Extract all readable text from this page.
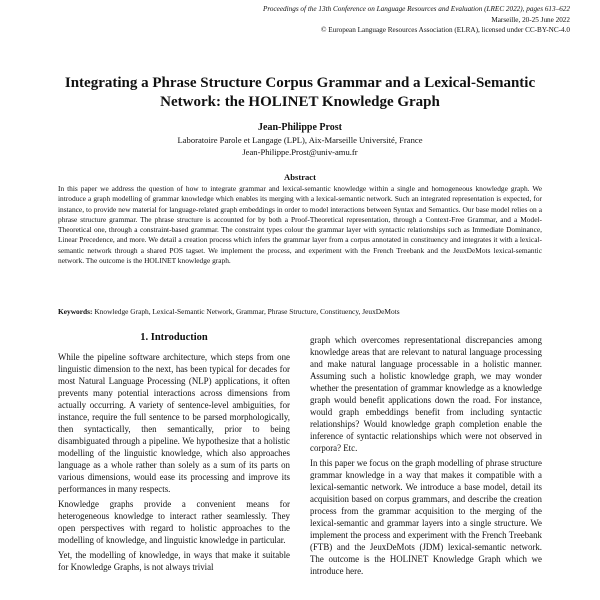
Proceedings of the 13th Conference on Language Resources and Evaluation (LREC 2022), pages 613–622
Marseille, 20-25 June 2022
© European Language Resources Association (ELRA), licensed under CC-BY-NC-4.0
Integrating a Phrase Structure Corpus Grammar and a Lexical-Semantic
Network: the HOLINET Knowledge Graph
Jean-Philippe Prost
Laboratoire Parole et Langage (LPL), Aix-Marseille Université, France
Jean-Philippe.Prost@univ-amu.fr
Abstract
In this paper we address the question of how to integrate grammar and lexical-semantic knowledge within a single and homogeneous knowledge graph. We introduce a graph modelling of grammar knowledge which enables its merging with a lexical-semantic network. Such an integrated representation is expected, for instance, to provide new material for language-related graph embeddings in order to model interactions between Syntax and Semantics. Our base model relies on a phrase structure grammar. The phrase structure is accounted for by both a Proof-Theoretical representation, through a Context-Free Grammar, and a Model-Theoretical one, through a constraint-based grammar. The constraint types colour the grammar layer with syntactic relationships such as Immediate Dominance, Linear Precedence, and more. We detail a creation process which infers the grammar layer from a corpus annotated in constituency and integrates it with a lexical-semantic network through a shared POS tagset. We implement the process, and experiment with the French Treebank and the JeuxDeMots lexical-semantic network. The outcome is the HOLINET knowledge graph.
Keywords: Knowledge Graph, Lexical-Semantic Network, Grammar, Phrase Structure, Constituency, JeuxDeMots
1. Introduction

While the pipeline software architecture, which steps from one linguistic dimension to the next, has been typical for decades for most Natural Language Processing (NLP) applications, it often prevents many potential interactions across dimensions from actually occurring. A variety of sentence-level ambiguities, for instance, require the full sentence to be parsed morphologically, then syntactically, then semantically, prior to being disambiguated through a pipeline. We hypothesize that a holistic modelling of the linguistic knowledge, which also approaches language as a whole rather than solely as a sum of its parts on various dimensions, would ease its processing and improve its performances in many respects.

Knowledge graphs provide a convenient means for heterogeneous knowledge to interact rather seamlessly. They open perspectives with regard to holistic approaches to the modelling of knowledge, and linguistic knowledge in particular.

Yet, the modelling of knowledge, in ways that make it suitable for Knowledge Graphs, is not always trivial

graph which overcomes representational discrepancies among knowledge areas that are relevant to natural language processing and make natural language processable in a holistic manner. Assuming such a holistic knowledge graph, we may wonder whether the presentation of grammar knowledge as a knowledge graph would benefit applications down the road. For instance, would graph embeddings benefit from including syntactic relationships? Would knowledge graph completion enable the inference of syntactic relationships which were not observed in corpora? Etc.

In this paper we focus on the graph modelling of phrase structure grammar knowledge in a way that makes it compatible with a lexical-semantic network. We introduce a base model, detail its acquisition based on corpus grammars, and describe the creation process from the grammar acquisition to the merging of the lexical-semantic and grammar layers into a single structure. We implement the process and experiment with the French Treebank (FTB) and the JeuxDeMots (JDM) lexical-semantic network. The outcome is the HOLINET Knowledge Graph which we introduce here.
